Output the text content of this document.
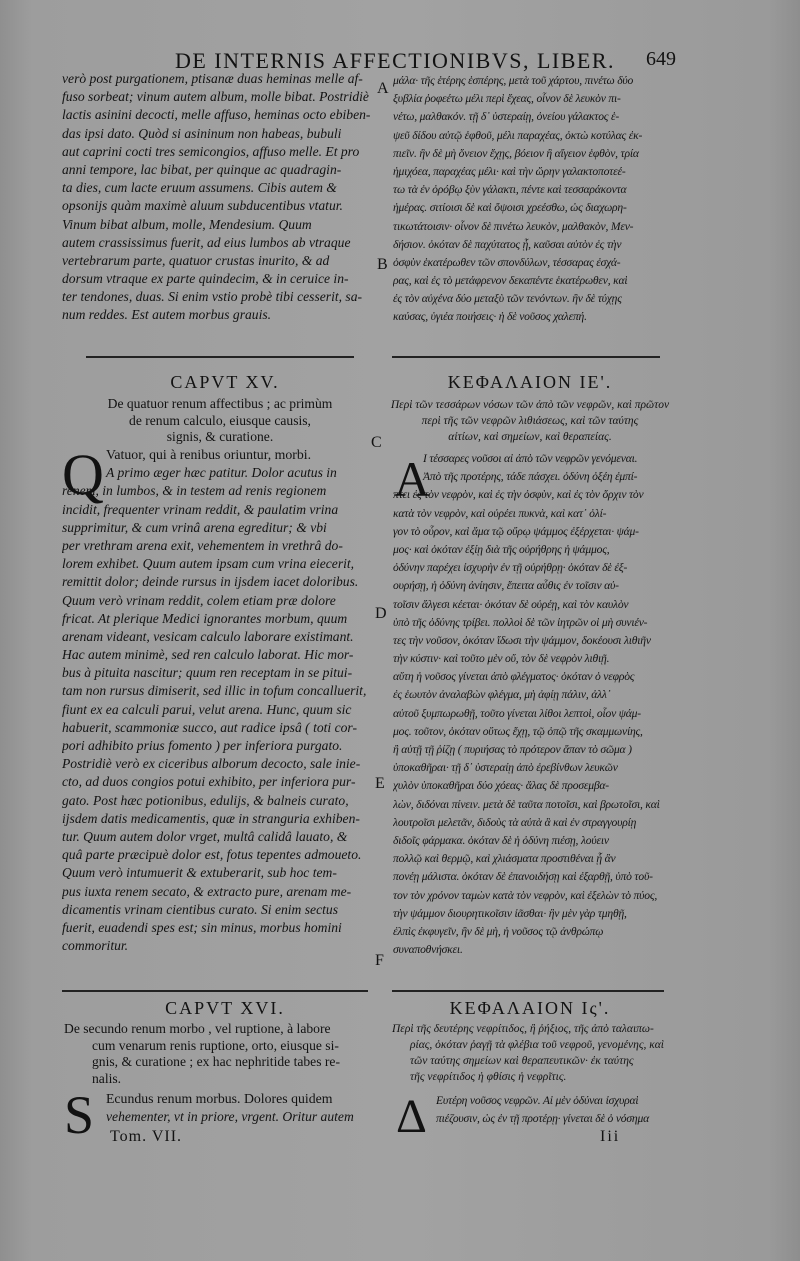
DE INTERNIS AFFECTIONIBVS, LIBER.	649
A
B
C
D
E
F
verò post purgationem, ptisanæ duas heminas melle af-
fuso sorbeat; vinum autem album, molle bibat. Postridiè
lactis asinini decocti, melle affuso, heminas octo ebiben-
das ipsi dato. Quòd si asininum non habeas, bubuli
aut caprini cocti tres semicongios, affuso melle. Et pro
anni tempore, lac bibat, per quinque ac quadragin-
ta dies, cum lacte eruum assumens. Cibis autem &
opsonijs quàm maximè aluum subducentibus vtatur.
Vinum bibat album, molle, Mendesium. Quum
autem crassissimus fuerit, ad eius lumbos ab vtraque
vertebrarum parte, quatuor crustas inurito, & ad
dorsum vtraque ex parte quindecim, & in ceruice in-
ter tendones, duas. Si enim vstio probè tibi cesserit, sa-
num reddes. Est autem morbus grauis.
μάλα· τῆς ἑτέρης ἑσπέρης, μετὰ τοῦ χάρτου, πινέτω δύο
ξυβλία ῥοφεέτω μέλι περὶ ἔχεας, οἶνον δὲ λευκὸν πι-
νέτω, μαλθακόν. τῇ δ᾽ ὑστεραίῃ, ὀνείου γάλακτος ἑ-
ψεῦ δίδου αὐτῷ ἑφθοῦ, μέλι παραχέας, ὀκτὼ κοτύλας ἐκ-
πιεῖν. ἢν δὲ μὴ ὄνειον ἔχῃς, βόειον ἢ αἴγειον ἑφθὸν, τρία
ἡμιχόεα, παραχέας μέλι· καὶ τὴν ὥρην γαλακτοποτεέ-
τω τὰ ἐν ὀρόβῳ ξὺν γάλακτι, πέντε καὶ τεσσαράκοντα
ἡμέρας. σιτίοισι δὲ καὶ ὄψοισι χρεέσθω, ὡς διαχωρη-
τικωτάτοισιν· οἶνον δὲ πινέτω λευκὸν, μαλθακὸν, Μεν-
δήσιον. ὁκόταν δὲ παχύτατος ᾖ, καῦσαι αὐτὸν ἐς τὴν
ὀσφὺν ἑκατέρωθεν τῶν σπονδύλων, τέσσαρας ἐσχά-
ρας, καὶ ἐς τὸ μετάφρενον δεκαπέντε ἑκατέρωθεν, καὶ
ἐς τὸν αὐχένα δύο μεταξὺ τῶν τενόντων. ἢν δὲ τύχῃς
καύσας, ὑγιέα ποιήσεις· ἡ δὲ νοῦσος χαλεπή.
CAPVT XV.
De quatuor renum affectibus ; ac primùm
de renum calculo, eiusque causis,
signis, & curatione.
ΚΕΦΑΛΑΙΟΝ ΙΕ'.
Περὶ τῶν τεσσάρων νόσων τῶν ἀπὸ τῶν νεφρῶν, καὶ πρῶτον
περὶ τῆς τῶν νεφρῶν λιθιάσεως, καὶ τῶν ταύτης
αἰτίων, καὶ σημείων, καὶ θεραπείας.
Q Vatuor, qui à renibus oriuntur, morbi.
A primo æger hæc patitur. Dolor acutus in
renem, in lumbos, & in testem ad renis regionem
incidit, frequenter vrinam reddit, & paulatim vrina
supprimitur, & cum vrinâ arena egreditur; & vbi
per vrethram arena exit, vehementem in vrethrâ do-
lorem exhibet. Quum autem ipsam cum vrina eiecerit,
remittit dolor; deinde rursus in ijsdem iacet doloribus.
Quum verò vrinam reddit, colem etiam præ dolore
fricat. At plerique Medici ignorantes morbum, quum
arenam videant, vesicam calculo laborare existimant.
Hac autem minimè, sed ren calculo laborat. Hic mor-
bus à pituita nascitur; quum ren receptam in se pitui-
tam non rursus dimiserit, sed illic in tofum concalluerit,
fiunt ex ea calculi parui, velut arena. Hunc, quum sic
habuerit, scammoniæ succo, aut radice ipsâ ( toti cor-
pori adhibito prius fomento ) per inferiora purgato.
Postridiè verò ex ciceribus alborum decocto, sale inie-
cto, ad duos congios potui exhibito, per inferiora pur-
gato. Post hæc potionibus, edulijs, & balneis curato,
ijsdem datis medicamentis, quæ in stranguria exhiben-
tur. Quum autem dolor vrget, multâ calidâ lauato, &
quâ parte præcipuè dolor est, fotus tepentes admoueto.
Quum verò intumuerit & extuberarit, sub hoc tem-
pus iuxta renem secato, & extracto pure, arenam me-
dicamentis vrinam cientibus curato. Si enim sectus
fuerit, euadendi spes est; sin minus, morbus homini
commoritur.
Α
Ι τέσσαρες νοῦσοι αἱ ἀπὸ τῶν νεφρῶν γενόμεναι.
Ἀπὸ τῆς προτέρης, τάδε πάσχει. ὀδύνη ὀξέη ἐμπί-
πτει ἐς τὸν νεφρὸν, καὶ ἐς τὴν ὀσφὺν, καὶ ἐς τὸν ὄρχιν τὸν
κατὰ τὸν νεφρὸν, καὶ οὐρέει πυκνὰ, καὶ κατ᾽ ὀλί-
γον τὸ οὖρον, καὶ ἅμα τῷ οὔρῳ ψάμμος ἐξέρχεται· ψάμ-
μος· καὶ ὁκόταν ἐξίῃ διὰ τῆς οὐρήθρης ἡ ψάμμος,
ὀδύνην παρέχει ἰσχυρὴν ἐν τῇ οὐρήθρῃ· ὁκόταν δὲ ἐξ-
ουρήσῃ, ἡ ὀδύνη ἀνίησιν, ἔπειτα αὖθις ἐν τοῖσιν αὐ-
τοῖσιν ἄλγεσι κέεται· ὁκόταν δὲ οὐρέῃ, καὶ τὸν καυλὸν
ὑπὸ τῆς ὀδύνης τρίβει. πολλοὶ δὲ τῶν ἰητρῶν οἱ μὴ συνιέν-
τες τὴν νοῦσον, ὁκόταν ἴδωσι τὴν ψάμμον, δοκέουσι λιθιῆν
τὴν κύστιν· καὶ τοῦτο μὲν οὔ, τὸν δὲ νεφρὸν λιθιῇ.
αὕτη ἡ νοῦσος γίνεται ἀπὸ φλέγματος· ὁκόταν ὁ νεφρὸς
ἐς ἑωυτὸν ἀναλαβὼν φλέγμα, μὴ ἀφίῃ πάλιν, ἀλλ᾽
αὐτοῦ ξυμπωρωθῇ, τοῦτο γίνεται λίθοι λεπτοὶ, οἷον ψάμ-
μος. τοῦτον, ὁκόταν οὕτως ἔχῃ, τῷ ὀπῷ τῆς σκαμμωνίης,
ἢ αὐτῇ τῇ ῥίζῃ ( πυριήσας τὸ πρότερον ἅπαν τὸ σῶμα )
ὑποκαθῆραι· τῇ δ᾽ ὑστεραίῃ ἀπὸ ἐρεβίνθων λευκῶν
χυλὸν ὑποκαθῆραι δύο χόεας· ἅλας δὲ προσεμβα-
λὼν, διδόναι πίνειν. μετὰ δὲ ταῦτα ποτοῖσι, καὶ βρωτοῖσι, καὶ
λουτροῖσι μελετᾶν, διδοὺς τὰ αὐτὰ ἃ καὶ ἐν στραγγουρίῃ
διδοῖς φάρμακα. ὁκόταν δὲ ἡ ὀδύνη πιέσῃ, λούειν
πολλῷ καὶ θερμῷ, καὶ χλιάσματα προστιθέναι ᾗ ἂν
πονέῃ μάλιστα. ὁκόταν δὲ ἐπανοιδήσῃ καὶ ἐξαρθῇ, ὑπὸ τοῦ-
τον τὸν χρόνον ταμὼν κατὰ τὸν νεφρὸν, καὶ ἐξελὼν τὸ πύος,
τὴν ψάμμον διουρητικοῖσιν ἰᾶσθαι· ἢν μὲν γὰρ τμηθῇ,
ἐλπὶς ἐκφυγεῖν, ἢν δὲ μὴ, ἡ νοῦσος τῷ ἀνθρώπῳ
συναποθνήσκει.
CAPVT XVI.
De secundo renum morbo , vel ruptione, à labore
cum venarum renis ruptione, orto, eiusque si-
gnis, & curatione ; ex hac nephritide tabes re-
nalis.
ΚΕΦΑΛΑΙΟΝ Ις'.
Περὶ τῆς δευτέρης νεφρίτιδος, ἢ ῥήξιος, τῆς ἀπὸ ταλαιπω-
ρίας, ὁκόταν ῥαγῇ τὰ φλέβια τοῦ νεφροῦ, γενομένης, καὶ
τῶν ταύτης σημείων καὶ θεραπευτικῶν· ἐκ ταύτης
τῆς νεφρίτιδος ἡ φθίσις ἡ νεφρῖτις.
S Ecundus renum morbus. Dolores quidem
vehementer, vt in priore, vrgent. Oritur autem
Tom. VII.	Δ Ευτέρη νοῦσος νεφρῶν. Αἱ μὲν ὀδύναι ἰσχυραὶ
πιέζουσιν, ὡς ἐν τῇ προτέρῃ· γίνεται δὲ ὁ νόσημα
Iii
